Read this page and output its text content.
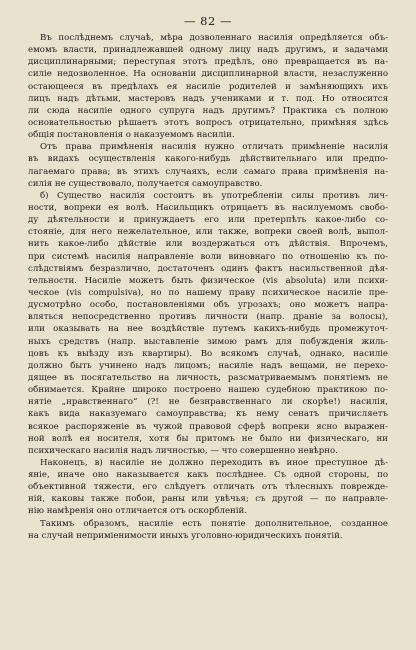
— 82 —
Въ послѣднемъ случаѣ, мѣра дозволеннаго насилія опредѣляется объ-
емомъ власти, принадлежавшей одному лицу надъ другимъ, и задачами
дисциплинарными; переступая этотъ предѣлъ, оно превращается въ на-
силіе недозволенное. На основаніи дисциплинарной власти, незаслуженно
остающееся въ предѣлахъ ея насиліе родителей и замѣняющихъ ихъ
лицъ надъ дѣтьми, мастеровъ надъ учениками и т. под. Но относится
ли сюда насиліе одного супруга надъ другимъ? Практика съ полною
основательностью рѣшаетъ этотъ вопросъ отрицательно, примѣняя здѣсь
общія постановленія о наказуемомъ насиліи.
Отъ права примѣненія насилія нужно отличать примѣненіе насилія
въ видахъ осуществленія какого-нибудь дѣйствительнаго или предпо-
лагаемаго права; въ этихъ случаяхъ, если самаго права примѣненія на-
силія не существовало, получается самоуправство.
б) Существо насилія состоитъ въ употребленіи силы противъ лич-
ности, вопреки ея волѣ. Насильщикъ отрицаетъ въ насилуемомъ свобо-
ду дѣятельности и принуждаетъ его или претерпѣть какое-либо со-
стояніе, для него нежелательное, или также, вопреки своей волѣ, выпол-
нить какое-либо дѣйствіе или воздержаться отъ дѣйствія. Впрочемъ,
при системѣ насилія направленіе воли виновнаго по отношенію къ по-
слѣдствіямъ безразлично, достаточенъ одинъ фактъ насильственной дѣя-
тельности. Насиліе можетъ быть физическое (vis absoluta) или психи-
ческое (vis compulsiva), но по нашему праву психическое насиліе пре-
дусмотрѣно особо, постановленіями объ угрозахъ; оно можетъ напра-
вляться непосредственно противъ личности (напр. драніе за волосы),
или оказывать на нее воздѣйствіе путемъ какихъ-нибудь промежуточ-
ныхъ средствъ (напр. выставленіе зимою рамъ для побужденія жиль-
цовъ къ выѣзду изъ квартиры). Во всякомъ случаѣ, однако, насиліе
должно быть учинено надъ лицомъ; насиліе надъ вещами, не перехо-
дящее въ посягательство на личность, разсматриваемымъ понятіемъ не
обнимается. Крайне широко построено нашею судебною практикою по-
нятіе „нравственнаго“ (?! не безнравственнаго ли скорѣе!) насилія,
какъ вида наказуемаго самоуправства; къ нему сенатъ причисляетъ
всякое распоряженіе въ чужой правовой сферѣ вопреки ясно выражен-
ной волѣ ея носителя, хотя бы притомъ не было ни физическаго, ни
психическаго насилія надъ личностью, — что совершенно невѣрно.
Наконецъ, в) насиліе не должно переходить въ иное преступное дѣ-
яніе, иначе оно наказывается какъ послѣднее. Съ одной стороны, по
объективной тяжести, его слѣдуетъ отличать отъ тѣлесныхъ поврежде-
ній, каковы также побои, раны или увѣчья; съ другой — по направле-
нію намѣренія оно отличается отъ оскорбленій.
Такимъ образомъ, насиліе есть понятіе дополнительное, созданное
на случай неприміенимости иныхъ уголовно-юридическихъ понятій.
